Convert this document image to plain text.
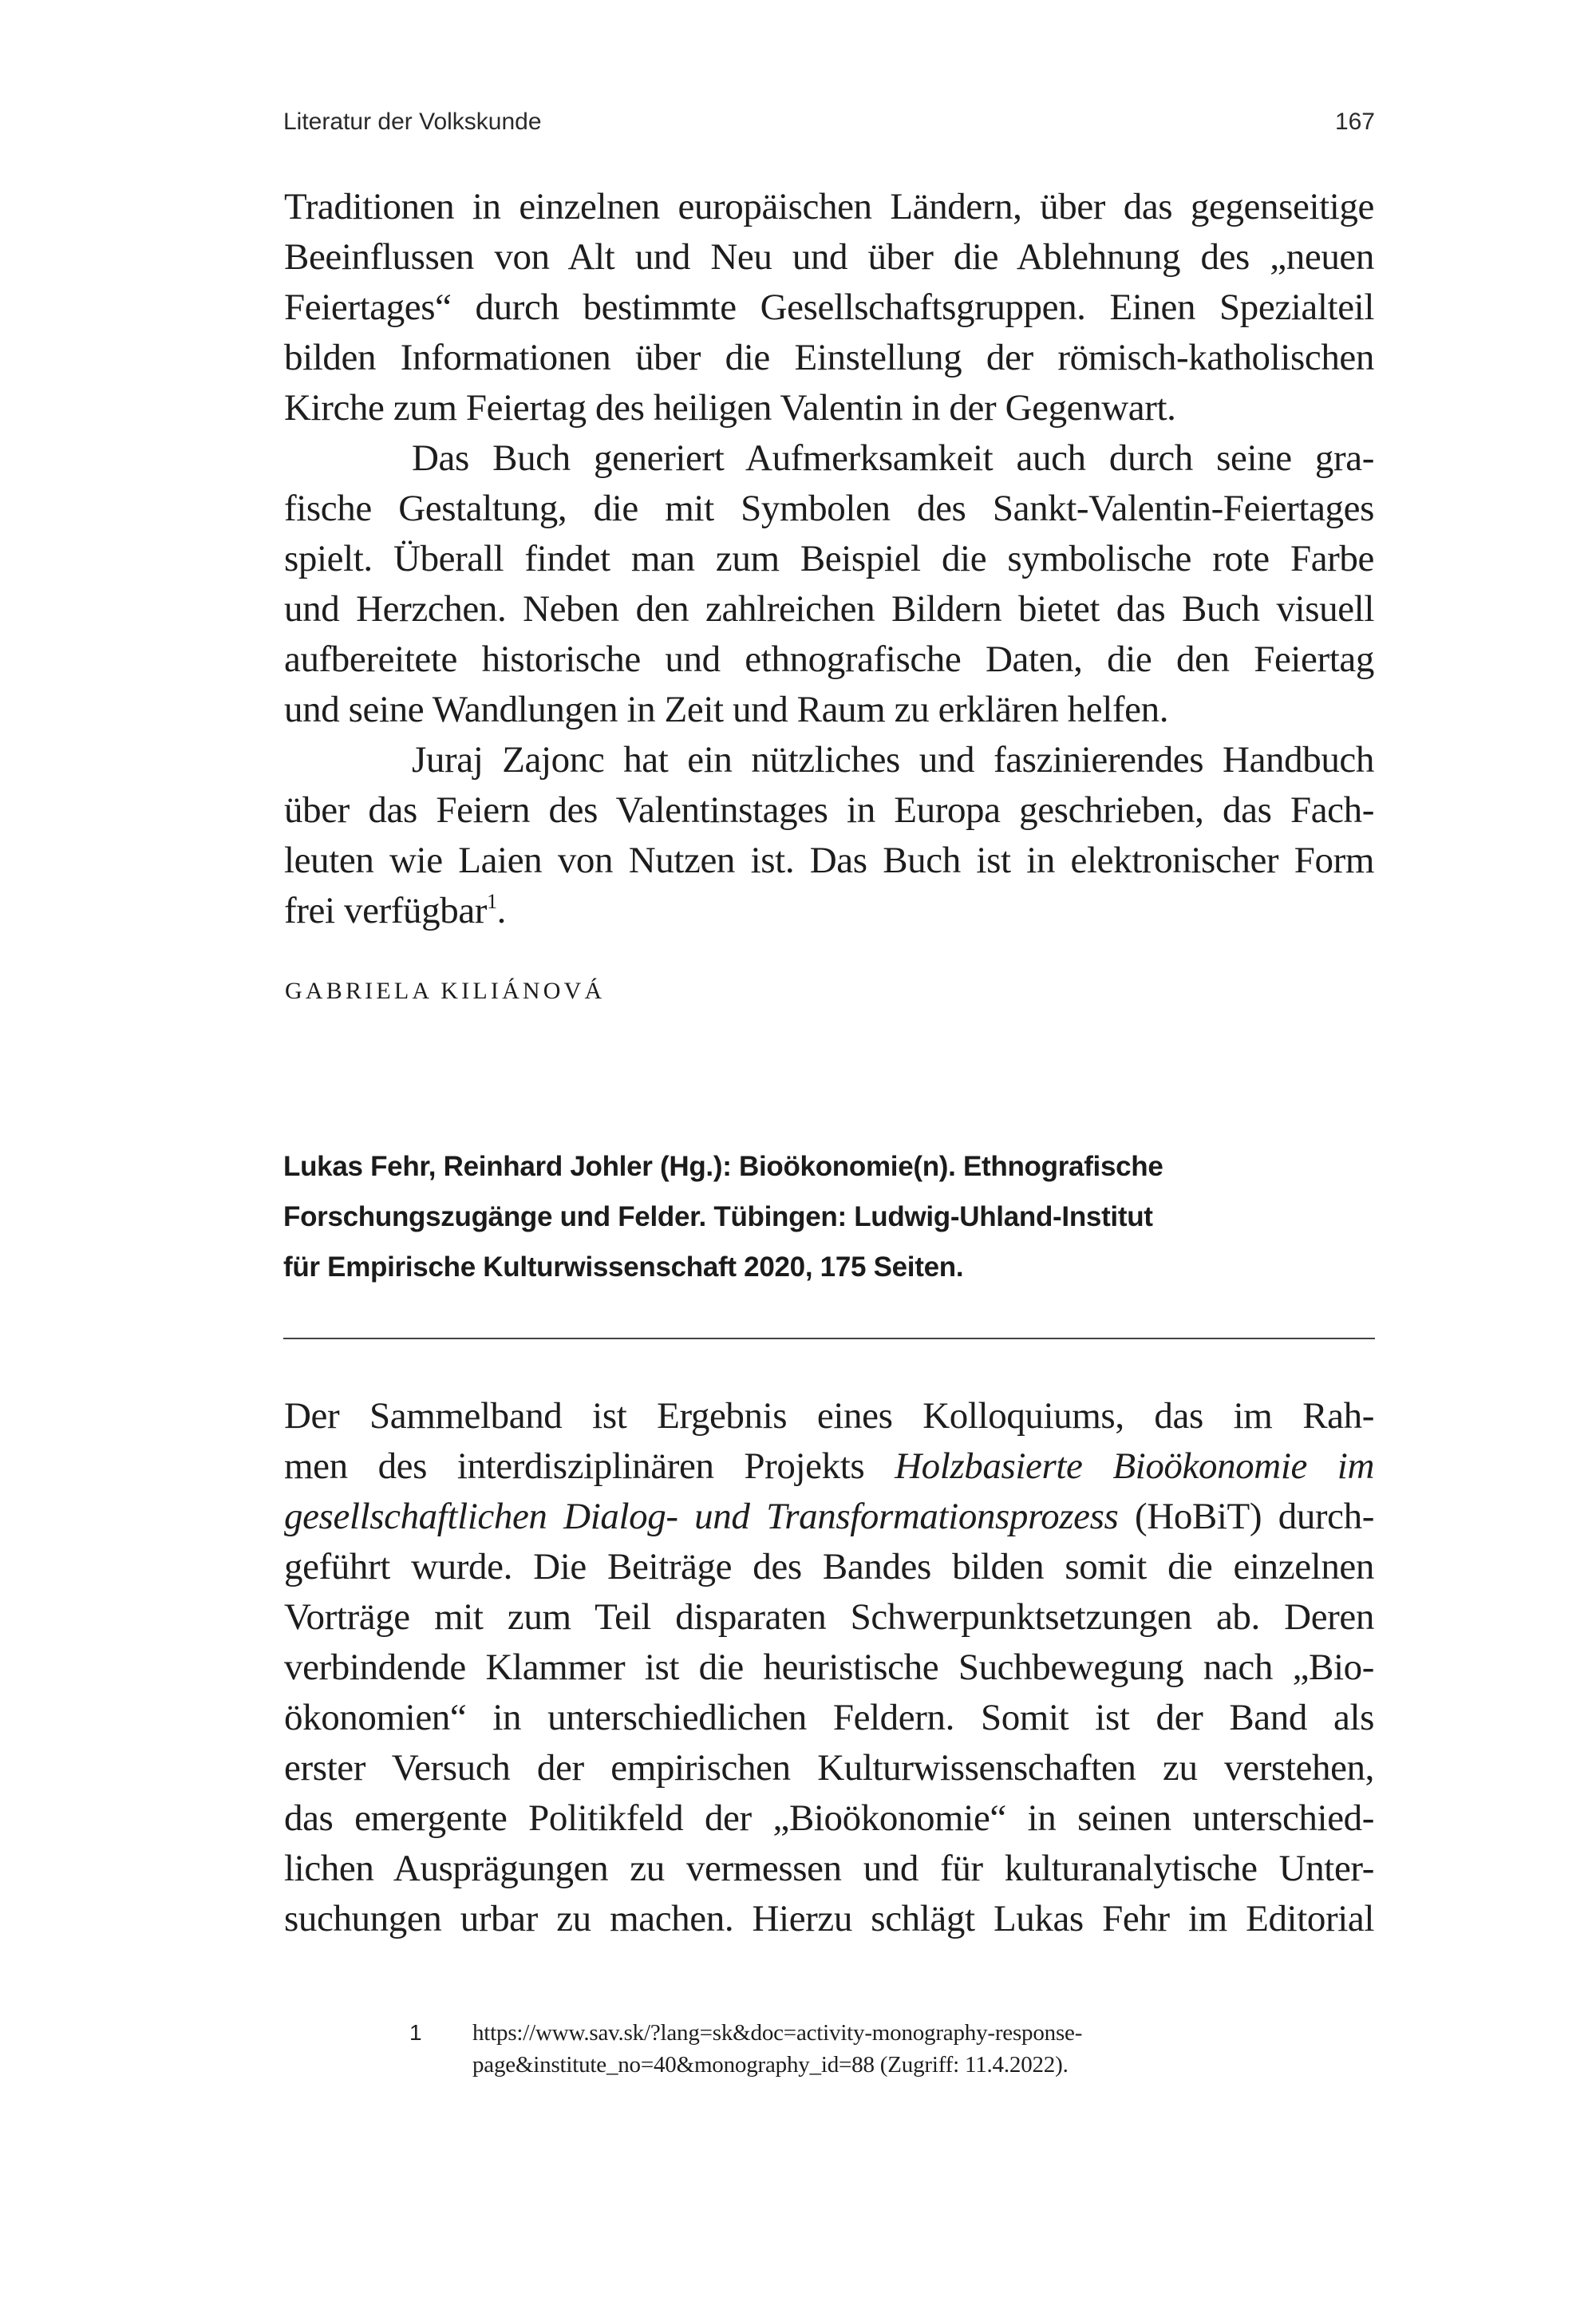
Literatur der Volkskunde	167
Traditionen in einzelnen europäischen Ländern, über das gegenseitige
Beeinflussen von Alt und Neu und über die Ablehnung des „neuen
Feiertages“ durch bestimmte Gesellschaftsgruppen. Einen Spezialteil
bilden Informationen über die Einstellung der römisch-katholischen
Kirche zum Feiertag des heiligen Valentin in der Gegenwart.
Das Buch generiert Aufmerksamkeit auch durch seine gra-
fische Gestaltung, die mit Symbolen des Sankt-Valentin-Feiertages
spielt. Überall findet man zum Beispiel die symbolische rote Farbe
und Herzchen. Neben den zahlreichen Bildern bietet das Buch visuell
aufbereitete historische und ethnografische Daten, die den Feiertag
und seine Wandlungen in Zeit und Raum zu erklären helfen.
Juraj Zajonc hat ein nützliches und faszinierendes Handbuch
über das Feiern des Valentinstages in Europa geschrieben, das Fach-
leuten wie Laien von Nutzen ist. Das Buch ist in elektronischer Form
frei verfügbar$^1$.
GABRIELA KILIÁNOVÁ
Lukas Fehr, Reinhard Johler (Hg.): Bioökonomie(n). Ethnografische
Forschungszugänge und Felder. Tübingen: Ludwig-Uhland-Institut
für Empirische Kulturwissenschaft 2020, 175 Seiten.
Der Sammelband ist Ergebnis eines Kolloquiums, das im Rah-
men des interdisziplinären Projekts Holzbasierte Bioökonomie im
gesellschaftlichen Dialog- und Transformationsprozess (HoBiT) durch-
geführt wurde. Die Beiträge des Bandes bilden somit die einzelnen
Vorträge mit zum Teil disparaten Schwerpunktsetzungen ab. Deren
verbindende Klammer ist die heuristische Suchbewegung nach „Bio-
ökonomien“ in unterschiedlichen Feldern. Somit ist der Band als
erster Versuch der empirischen Kulturwissenschaften zu verstehen,
das emergente Politikfeld der „Bioökonomie“ in seinen unterschied-
lichen Ausprägungen zu vermessen und für kulturanalytische Unter-
suchungen urbar zu machen. Hierzu schlägt Lukas Fehr im Editorial
1 https://www.sav.sk/?lang=sk&doc=activity-monography-response-
page&institute_no=40&monography_id=88 (Zugriff: 11.4.2022).
